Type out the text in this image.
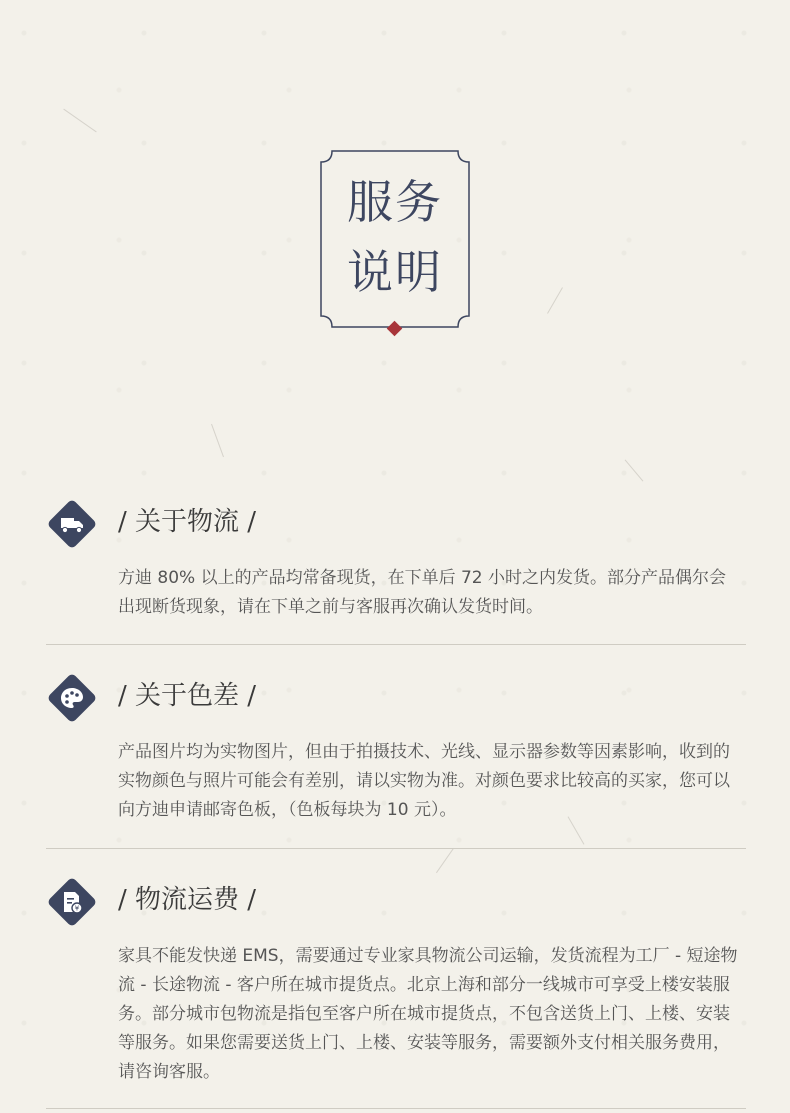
服务
说明
/ 关于物流 /
方迪 80% 以上的产品均常备现货，在下单后 72 小时之内发货。部分产品偶尔会出现断货现象，请在下单之前与客服再次确认发货时间。
/ 关于色差 /
产品图片均为实物图片，但由于拍摄技术、光线、显示器参数等因素影响，收到的实物颜色与照片可能会有差别，请以实物为准。对颜色要求比较高的买家，您可以向方迪申请邮寄色板，（色板每块为 10 元）。
¥ / 物流运费 /
家具不能发快递 EMS，需要通过专业家具物流公司运输，发货流程为工厂 - 短途物流 - 长途物流 - 客户所在城市提货点。北京上海和部分一线城市可享受上楼安装服务。部分城市包物流是指包至客户所在城市提货点，不包含送货上门、上楼、安装等服务。如果您需要送货上门、上楼、安装等服务，需要额外支付相关服务费用，请咨询客服。
